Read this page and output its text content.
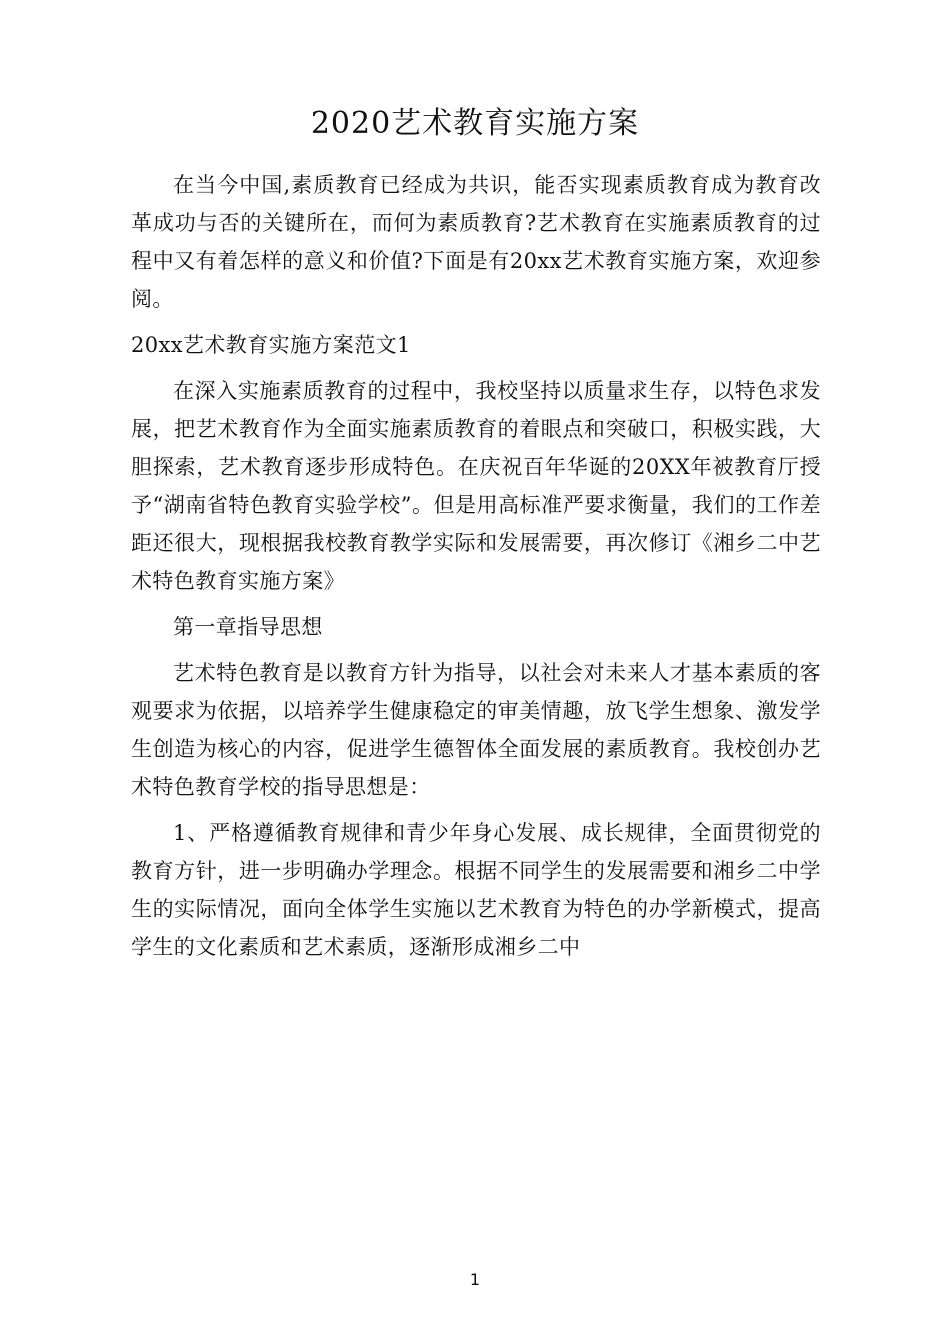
2020艺术教育实施方案

在当今中国,素质教育已经成为共识，能否实现素质教育成为教育改革成功与否的关键所在，而何为素质教育?艺术教育在实施素质教育的过程中又有着怎样的意义和价值?下面是有20xx艺术教育实施方案，欢迎参阅。

20xx艺术教育实施方案范文1

在深入实施素质教育的过程中，我校坚持以质量求生存，以特色求发展，把艺术教育作为全面实施素质教育的着眼点和突破口，积极实践，大胆探索，艺术教育逐步形成特色。在庆祝百年华诞的20XX年被教育厅授予“湖南省特色教育实验学校”。但是用高标准严要求衡量，我们的工作差距还很大，现根据我校教育教学实际和发展需要，再次修订《湘乡二中艺术特色教育实施方案》

第一章指导思想

艺术特色教育是以教育方针为指导，以社会对未来人才基本素质的客观要求为依据，以培养学生健康稳定的审美情趣，放飞学生想象、激发学生创造为核心的内容，促进学生德智体全面发展的素质教育。我校创办艺术特色教育学校的指导思想是：

1、严格遵循教育规律和青少年身心发展、成长规律，全面贯彻党的教育方针，进一步明确办学理念。根据不同学生的发展需要和湘乡二中学生的实际情况，面向全体学生实施以艺术教育为特色的办学新模式，提高学生的文化素质和艺术素质，逐渐形成湘乡二中

1
